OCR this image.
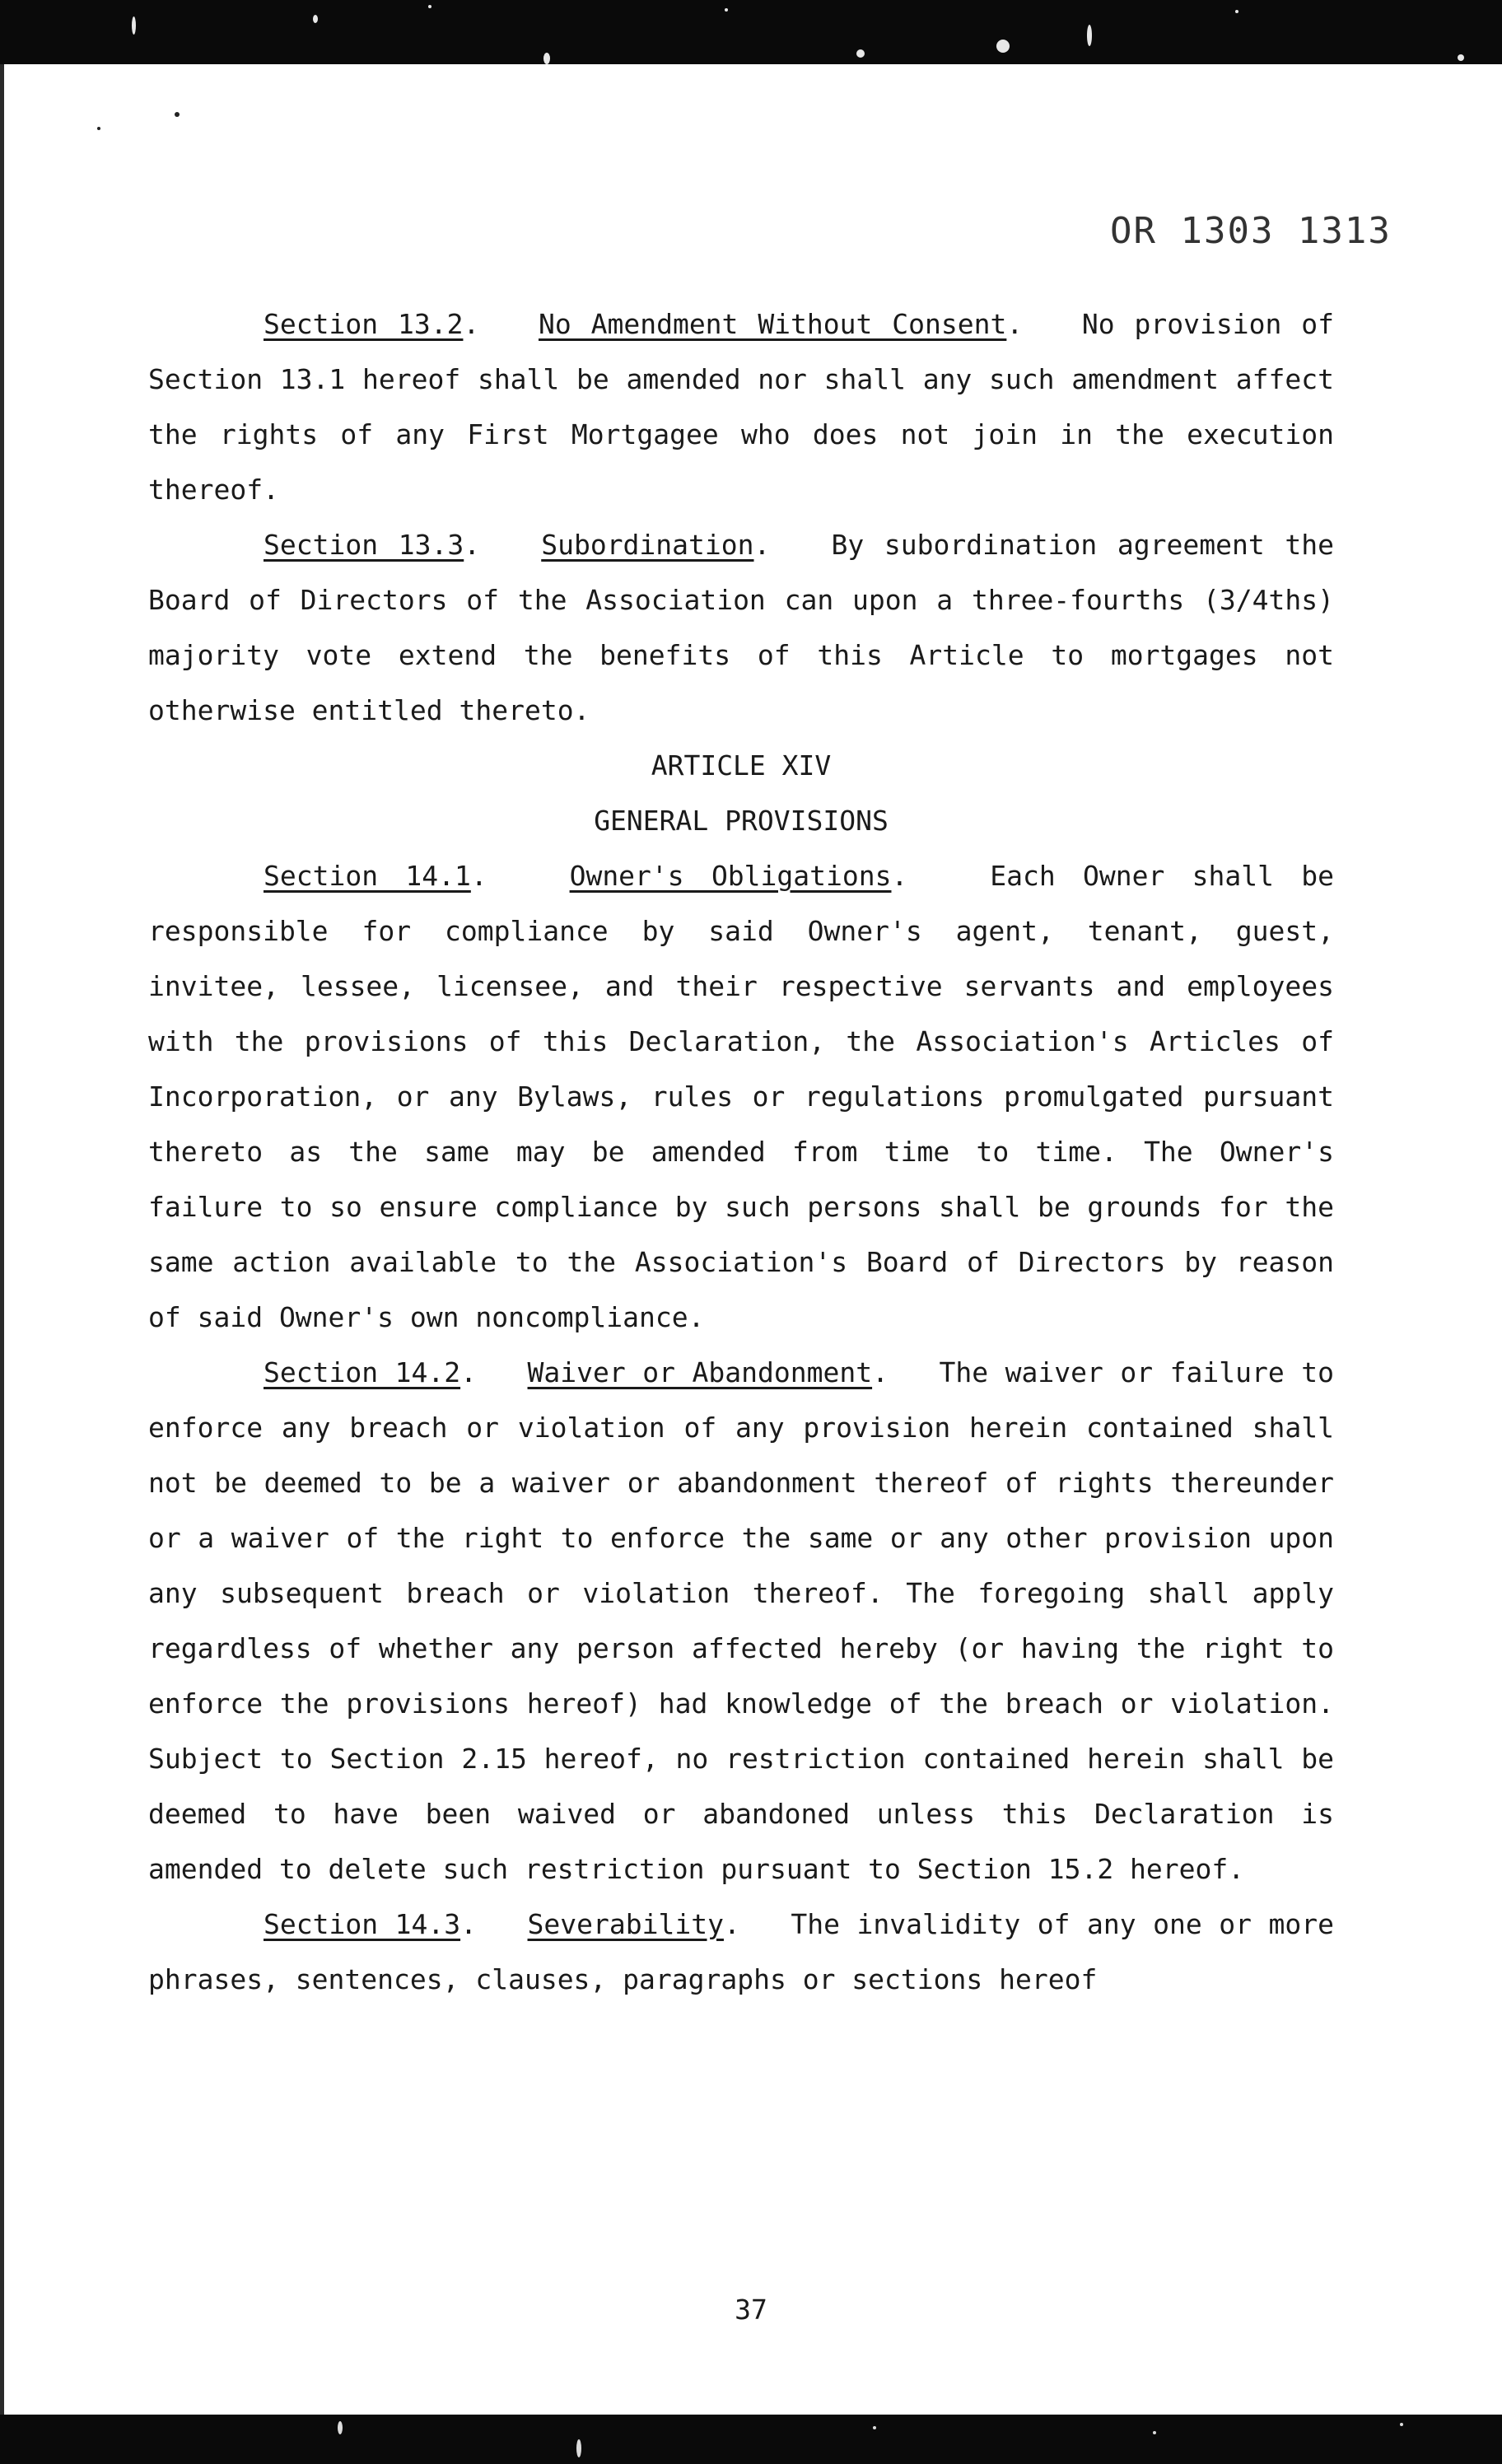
OR 1303 1313

Section 13.2.   No Amendment Without Consent.   No provision of Section 13.1 hereof shall be amended nor shall any such amendment affect the rights of any First Mortgagee who does not join in the execution thereof.

Section 13.3.   Subordination.   By subordination agreement the Board of Directors of the Association can upon a three-fourths (3/4ths) majority vote extend the benefits of this Article to mortgages not otherwise entitled thereto.

ARTICLE XIV

GENERAL PROVISIONS

Section 14.1.   Owner's Obligations.   Each Owner shall be responsible for compliance by said Owner's agent, tenant, guest, invitee, lessee, licensee, and their respective servants and employees with the provisions of this Declaration, the Association's Articles of Incorporation, or any Bylaws, rules or regulations promulgated pursuant thereto as the same may be amended from time to time. The Owner's failure to so ensure compliance by such persons shall be grounds for the same action available to the Association's Board of Directors by reason of said Owner's own noncompliance.

Section 14.2.   Waiver or Abandonment.   The waiver or failure to enforce any breach or violation of any provision herein contained shall not be deemed to be a waiver or abandonment thereof of rights thereunder or a waiver of the right to enforce the same or any other provision upon any subsequent breach or violation thereof. The foregoing shall apply regardless of whether any person affected hereby (or having the right to enforce the provisions hereof) had knowledge of the breach or violation. Subject to Section 2.15 hereof, no restriction contained herein shall be deemed to have been waived or abandoned unless this Declaration is amended to delete such restriction pursuant to Section 15.2 hereof.

Section 14.3.   Severability.   The invalidity of any one or more phrases, sentences, clauses, paragraphs or sections hereof

37
